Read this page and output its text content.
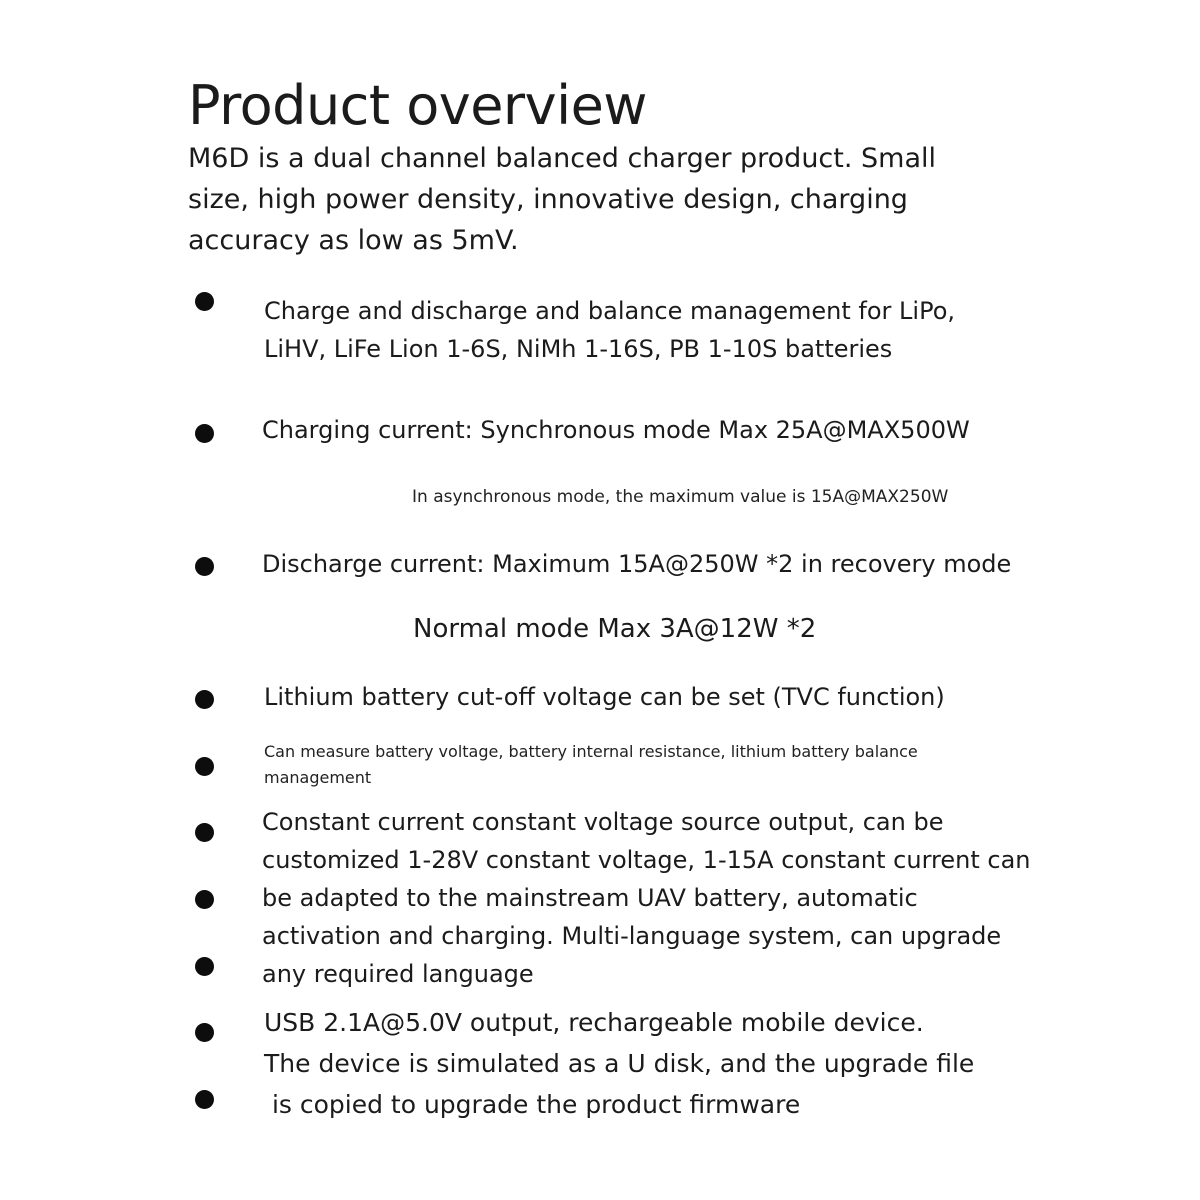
Product overview

M6D is a dual channel balanced charger product. Small size, high power density, innovative design, charging accuracy as low as 5mV.

Charge and discharge and balance management for LiPo, LiHV, LiFe Lion 1-6S, NiMh 1-16S, PB 1-10S batteries
Charging current: Synchronous mode Max 25A@MAX500W
In asynchronous mode, the maximum value is 15A@MAX250W
Discharge current: Maximum 15A@250W *2 in recovery mode
Normal mode Max 3A@12W *2
Lithium battery cut-off voltage can be set (TVC function)
Can measure battery voltage, battery internal resistance, lithium battery balance management
Constant current constant voltage source output, can be
customized 1-28V constant voltage, 1-15A constant current can
be adapted to the mainstream UAV battery, automatic
activation and charging. Multi-language system, can upgrade
any required language
USB 2.1A@5.0V output, rechargeable mobile device.
The device is simulated as a U disk, and the upgrade file
is copied to upgrade the product firmware
